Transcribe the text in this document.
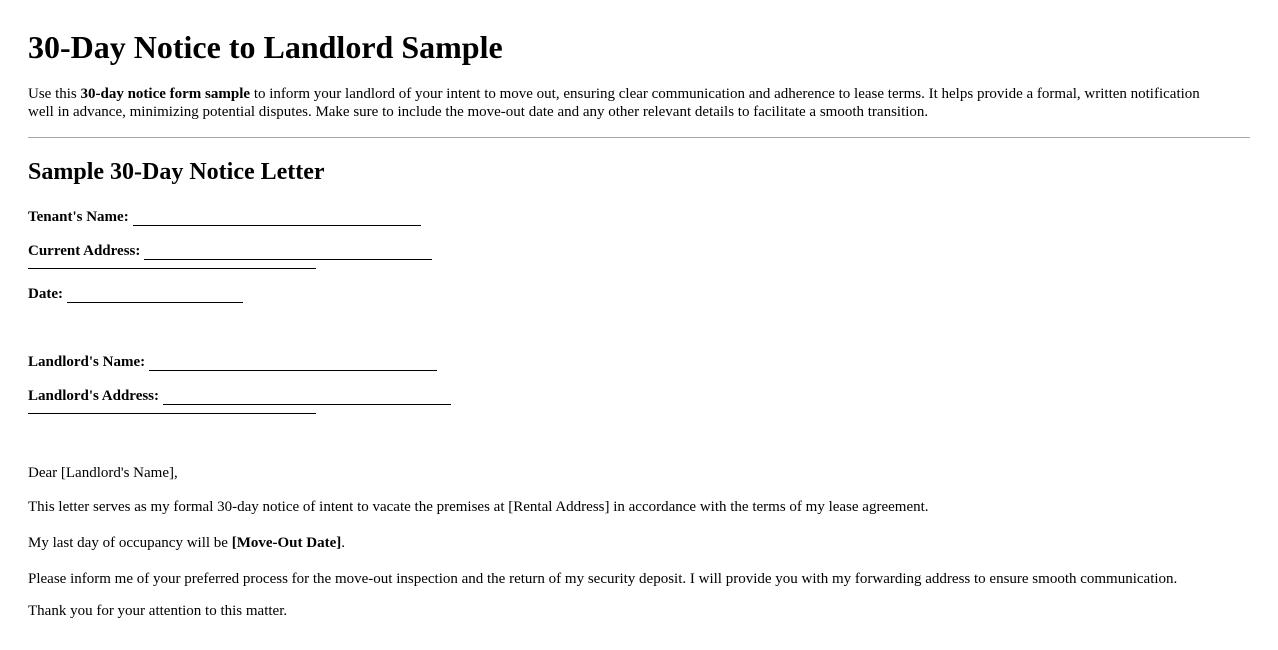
30-Day Notice to Landlord Sample

Use this 30-day notice form sample to inform your landlord of your intent to move out, ensuring clear communication and adherence to lease terms. It helps provide a formal, written notification well in advance, minimizing potential disputes. Make sure to include the move-out date and any other relevant details to facilitate a smooth transition.

Sample 30-Day Notice Letter
Tenant's Name:
Current Address:
Date:
Landlord's Name:
Landlord's Address:

Dear [Landlord's Name],

This letter serves as my formal 30-day notice of intent to vacate the premises at [Rental Address] in accordance with the terms of my lease agreement.

My last day of occupancy will be [Move-Out Date].

Please inform me of your preferred process for the move-out inspection and the return of my security deposit. I will provide you with my forwarding address to ensure smooth communication.

Thank you for your attention to this matter.
